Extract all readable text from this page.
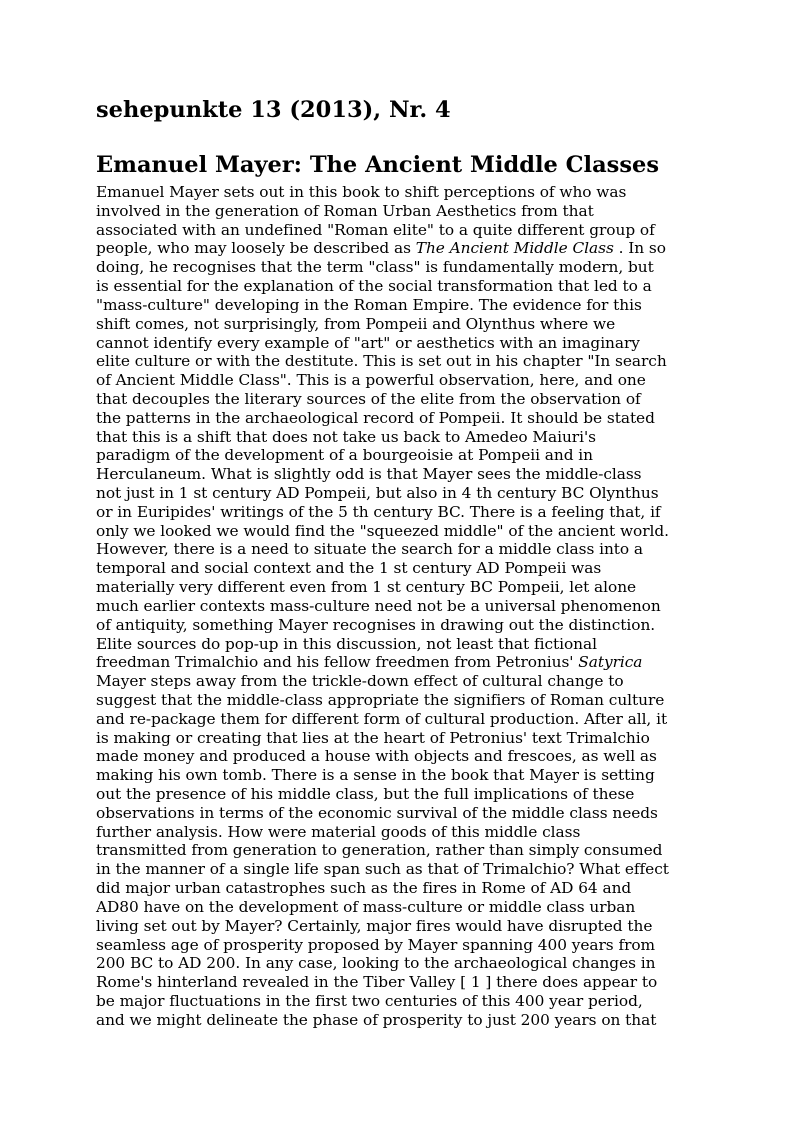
sehepunkte 13 (2013), Nr. 4
Emanuel Mayer: The Ancient Middle Classes
Emanuel Mayer sets out in this book to shift perceptions of who was
involved in the generation of Roman Urban Aesthetics from that
associated with an undefined "Roman elite" to a quite different group of
people, who may loosely be described as The Ancient Middle Class . In so
doing, he recognises that the term "class" is fundamentally modern, but
is essential for the explanation of the social transformation that led to a
"mass-culture" developing in the Roman Empire. The evidence for this
shift comes, not surprisingly, from Pompeii and Olynthus where we
cannot identify every example of "art" or aesthetics with an imaginary
elite culture or with the destitute. This is set out in his chapter "In search
of Ancient Middle Class". This is a powerful observation, here, and one
that decouples the literary sources of the elite from the observation of
the patterns in the archaeological record of Pompeii. It should be stated
that this is a shift that does not take us back to Amedeo Maiuri's
paradigm of the development of a bourgeoisie at Pompeii and in
Herculaneum. What is slightly odd is that Mayer sees the middle-class
not just in 1 st century AD Pompeii, but also in 4 th century BC Olynthus
or in Euripides' writings of the 5 th century BC. There is a feeling that, if
only we looked we would find the "squeezed middle" of the ancient world.
However, there is a need to situate the search for a middle class into a
temporal and social context and the 1 st century AD Pompeii was
materially very different even from 1 st century BC Pompeii, let alone
much earlier contexts mass-culture need not be a universal phenomenon
of antiquity, something Mayer recognises in drawing out the distinction.
Elite sources do pop-up in this discussion, not least that fictional
freedman Trimalchio and his fellow freedmen from Petronius' Satyrica
Mayer steps away from the trickle-down effect of cultural change to
suggest that the middle-class appropriate the signifiers of Roman culture
and re-package them for different form of cultural production. After all, it
is making or creating that lies at the heart of Petronius' text Trimalchio
made money and produced a house with objects and frescoes, as well as
making his own tomb. There is a sense in the book that Mayer is setting
out the presence of his middle class, but the full implications of these
observations in terms of the economic survival of the middle class needs
further analysis. How were material goods of this middle class
transmitted from generation to generation, rather than simply consumed
in the manner of a single life span such as that of Trimalchio? What effect
did major urban catastrophes such as the fires in Rome of AD 64 and
AD80 have on the development of mass-culture or middle class urban
living set out by Mayer? Certainly, major fires would have disrupted the
seamless age of prosperity proposed by Mayer spanning 400 years from
200 BC to AD 200. In any case, looking to the archaeological changes in
Rome's hinterland revealed in the Tiber Valley [ 1 ] there does appear to
be major fluctuations in the first two centuries of this 400 year period,
and we might delineate the phase of prosperity to just 200 years on that
